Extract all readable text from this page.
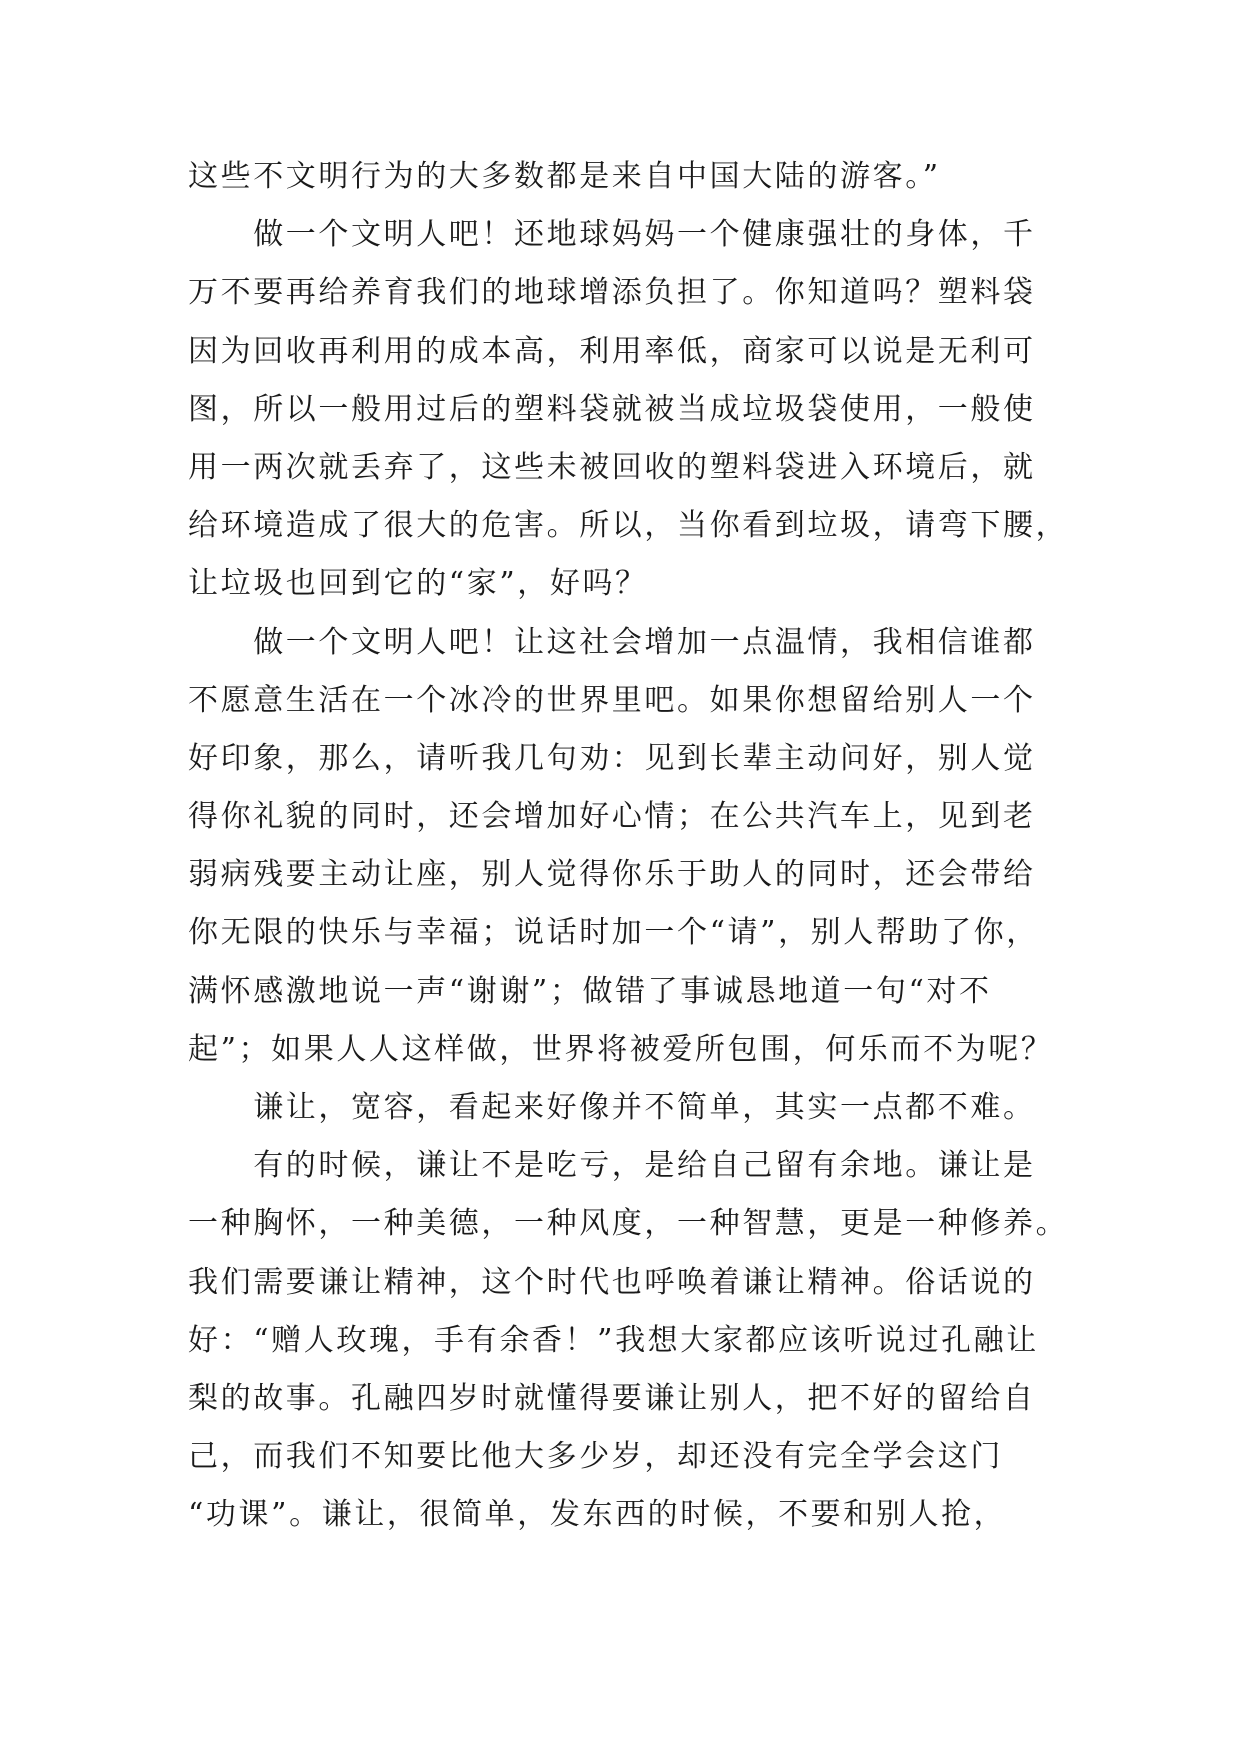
这些不文明行为的大多数都是来自中国大陆的游客。”
　　做一个文明人吧！还地球妈妈一个健康强壮的身体，千
万不要再给养育我们的地球增添负担了。你知道吗？塑料袋
因为回收再利用的成本高，利用率低，商家可以说是无利可
图，所以一般用过后的塑料袋就被当成垃圾袋使用，一般使
用一两次就丢弃了，这些未被回收的塑料袋进入环境后，就
给环境造成了很大的危害。所以，当你看到垃圾，请弯下腰，
让垃圾也回到它的“家”，好吗？
　　做一个文明人吧！让这社会增加一点温情，我相信谁都
不愿意生活在一个冰冷的世界里吧。如果你想留给别人一个
好印象，那么，请听我几句劝：见到长辈主动问好，别人觉
得你礼貌的同时，还会增加好心情；在公共汽车上，见到老
弱病残要主动让座，别人觉得你乐于助人的同时，还会带给
你无限的快乐与幸福；说话时加一个“请”，别人帮助了你，
满怀感激地说一声“谢谢”；做错了事诚恳地道一句“对不
起”；如果人人这样做，世界将被爱所包围，何乐而不为呢？
　　谦让，宽容，看起来好像并不简单，其实一点都不难。
　　有的时候，谦让不是吃亏，是给自己留有余地。谦让是
一种胸怀，一种美德，一种风度，一种智慧，更是一种修养。
我们需要谦让精神，这个时代也呼唤着谦让精神。俗话说的
好：“赠人玫瑰，手有余香！”我想大家都应该听说过孔融让
梨的故事。孔融四岁时就懂得要谦让别人，把不好的留给自
己，而我们不知要比他大多少岁，却还没有完全学会这门
“功课”。谦让，很简单，发东西的时候，不要和别人抢，
